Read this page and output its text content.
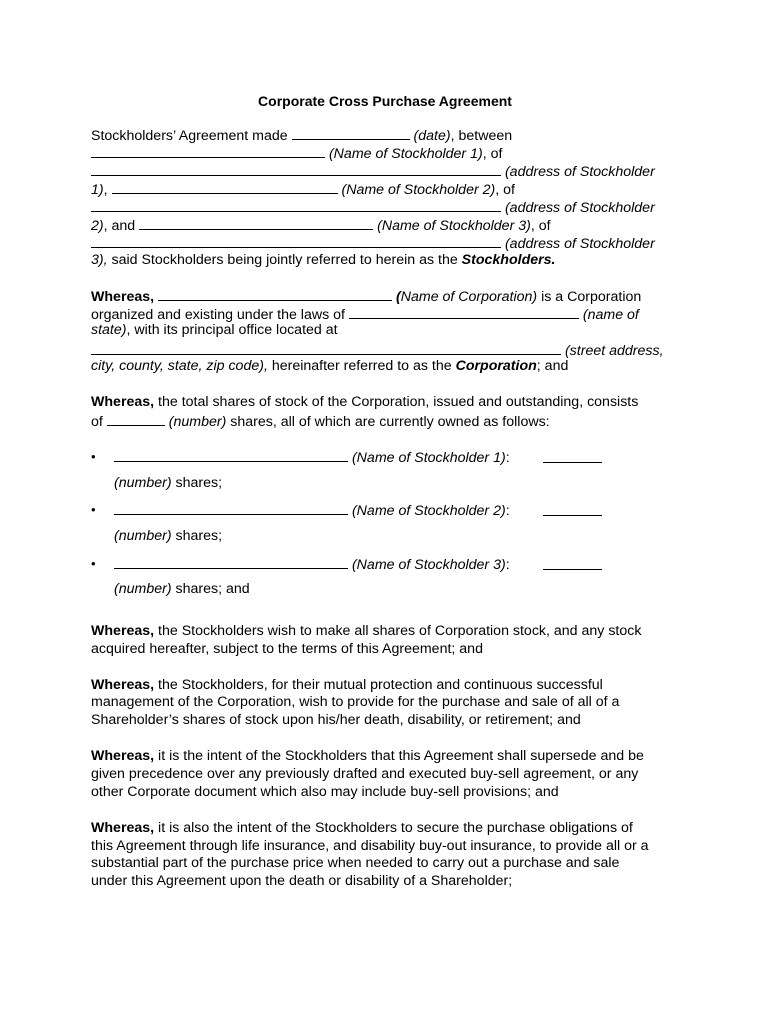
Corporate Cross Purchase Agreement
Stockholders’ Agreement made	(date), between
(Name of Stockholder 1), of
(address of Stockholder
1),	(Name of Stockholder 2), of
(address of Stockholder
2), and	(Name of Stockholder 3), of
(address of Stockholder
3), said Stockholders being jointly referred to herein as the Stockholders.
Whereas,	(Name of Corporation) is a Corporation
organized and existing under the laws of	(name of
state), with its principal office located at
(street address,
city, county, state, zip code), hereinafter referred to as the Corporation; and
Whereas, the total shares of stock of the Corporation, issued and outstanding, consists
of	(number) shares, all of which are currently owned as follows:
•	(Name of Stockholder 1):
(number) shares;
•	(Name of Stockholder 2):
(number) shares;
•	(Name of Stockholder 3):
(number) shares; and
Whereas, the Stockholders wish to make all shares of Corporation stock, and any stock
acquired hereafter, subject to the terms of this Agreement; and
Whereas, the Stockholders, for their mutual protection and continuous successful
management of the Corporation, wish to provide for the purchase and sale of all of a
Shareholder’s shares of stock upon his/her death, disability, or retirement; and
Whereas, it is the intent of the Stockholders that this Agreement shall supersede and be
given precedence over any previously drafted and executed buy-sell agreement, or any
other Corporate document which also may include buy-sell provisions; and
Whereas, it is also the intent of the Stockholders to secure the purchase obligations of
this Agreement through life insurance, and disability buy-out insurance, to provide all or a
substantial part of the purchase price when needed to carry out a purchase and sale
under this Agreement upon the death or disability of a Shareholder;
